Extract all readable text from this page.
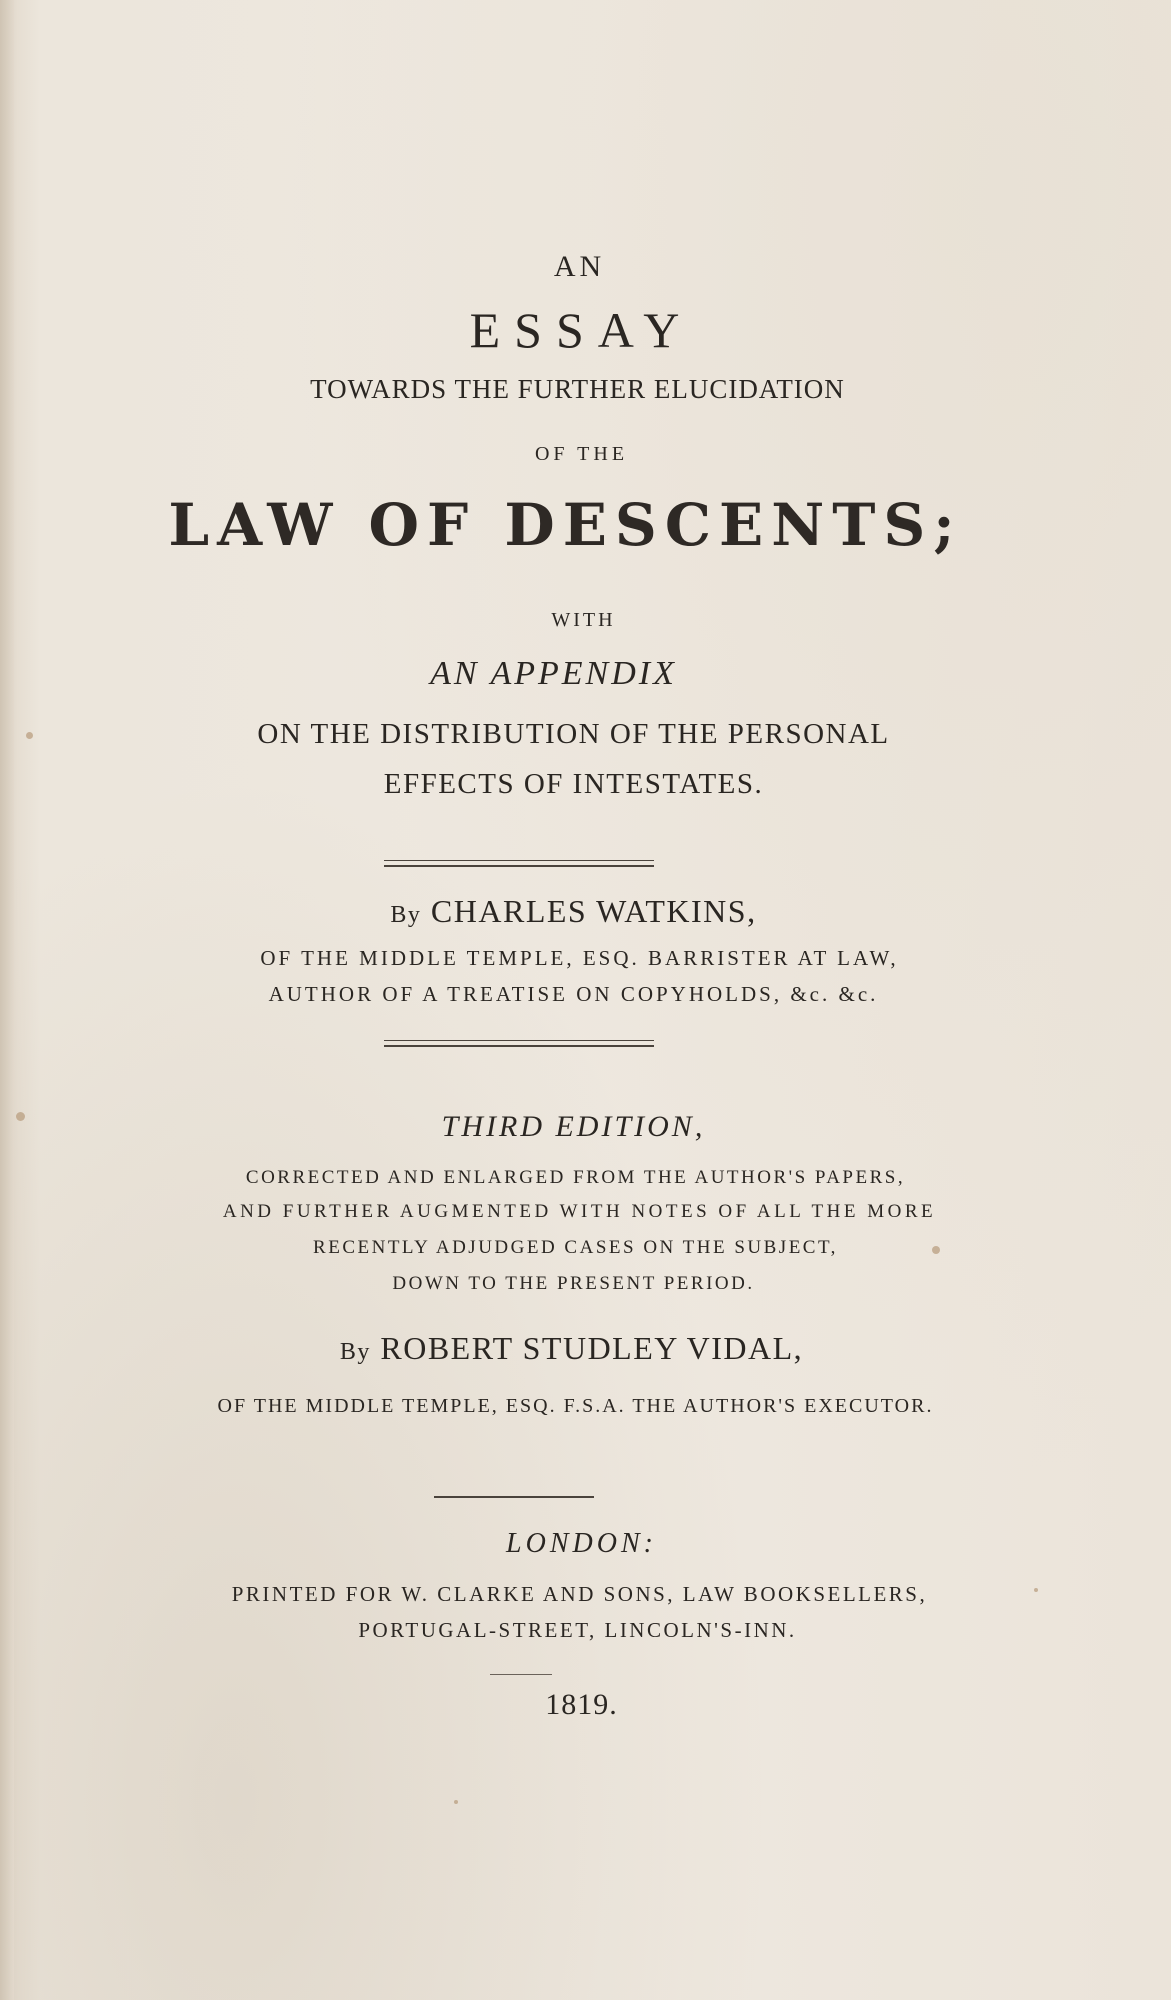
AN
ESSAY
TOWARDS THE FURTHER ELUCIDATION
OF THE
LAW OF DESCENTS;
WITH
AN APPENDIX
ON THE DISTRIBUTION OF THE PERSONAL
EFFECTS OF INTESTATES.
By CHARLES WATKINS,
OF THE MIDDLE TEMPLE, ESQ. BARRISTER AT LAW,
AUTHOR OF A TREATISE ON COPYHOLDS, &c. &c.
THIRD EDITION,
CORRECTED AND ENLARGED FROM THE AUTHOR'S PAPERS,
AND FURTHER AUGMENTED WITH NOTES OF ALL THE MORE
RECENTLY ADJUDGED CASES ON THE SUBJECT,
DOWN TO THE PRESENT PERIOD.
By ROBERT STUDLEY VIDAL,
OF THE MIDDLE TEMPLE, ESQ. F.S.A. THE AUTHOR'S EXECUTOR.
LONDON:
PRINTED FOR W. CLARKE AND SONS, LAW BOOKSELLERS,
PORTUGAL-STREET, LINCOLN'S-INN.
1819.
